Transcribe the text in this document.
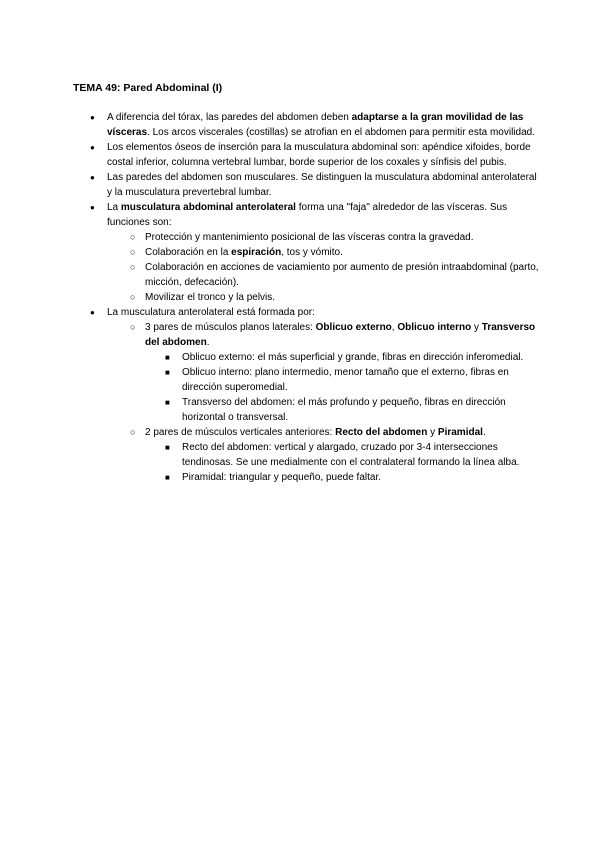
TEMA 49: Pared Abdominal (I)
● A diferencia del tórax, las paredes del abdomen deben adaptarse a la gran movilidad de las vísceras. Los arcos viscerales (costillas) se atrofian en el abdomen para permitir esta movilidad.
● Los elementos óseos de inserción para la musculatura abdominal son: apéndice xifoides, borde costal inferior, columna vertebral lumbar, borde superior de los coxales y sínfisis del pubis.
● Las paredes del abdomen son musculares. Se distinguen la musculatura abdominal anterolateral y la musculatura prevertebral lumbar.
● La musculatura abdominal anterolateral forma una "faja" alrededor de las vísceras. Sus funciones son:
○ Protección y mantenimiento posicional de las vísceras contra la gravedad.
○ Colaboración en la espiración, tos y vómito.
○ Colaboración en acciones de vaciamiento por aumento de presión intraabdominal (parto, micción, defecación).
○ Movilizar el tronco y la pelvis.
● La musculatura anterolateral está formada por:
○ 3 pares de músculos planos laterales: Oblicuo externo, Oblicuo interno y Transverso del abdomen.
■ Oblicuo externo: el más superficial y grande, fibras en dirección inferomedial.
■ Oblicuo interno: plano intermedio, menor tamaño que el externo, fibras en dirección superomedial.
■ Transverso del abdomen: el más profundo y pequeño, fibras en dirección horizontal o transversal.
○ 2 pares de músculos verticales anteriores: Recto del abdomen y Piramidal.
■ Recto del abdomen: vertical y alargado, cruzado por 3-4 intersecciones tendinosas. Se une medialmente con el contralateral formando la línea alba.
■ Piramidal: triangular y pequeño, puede faltar.
